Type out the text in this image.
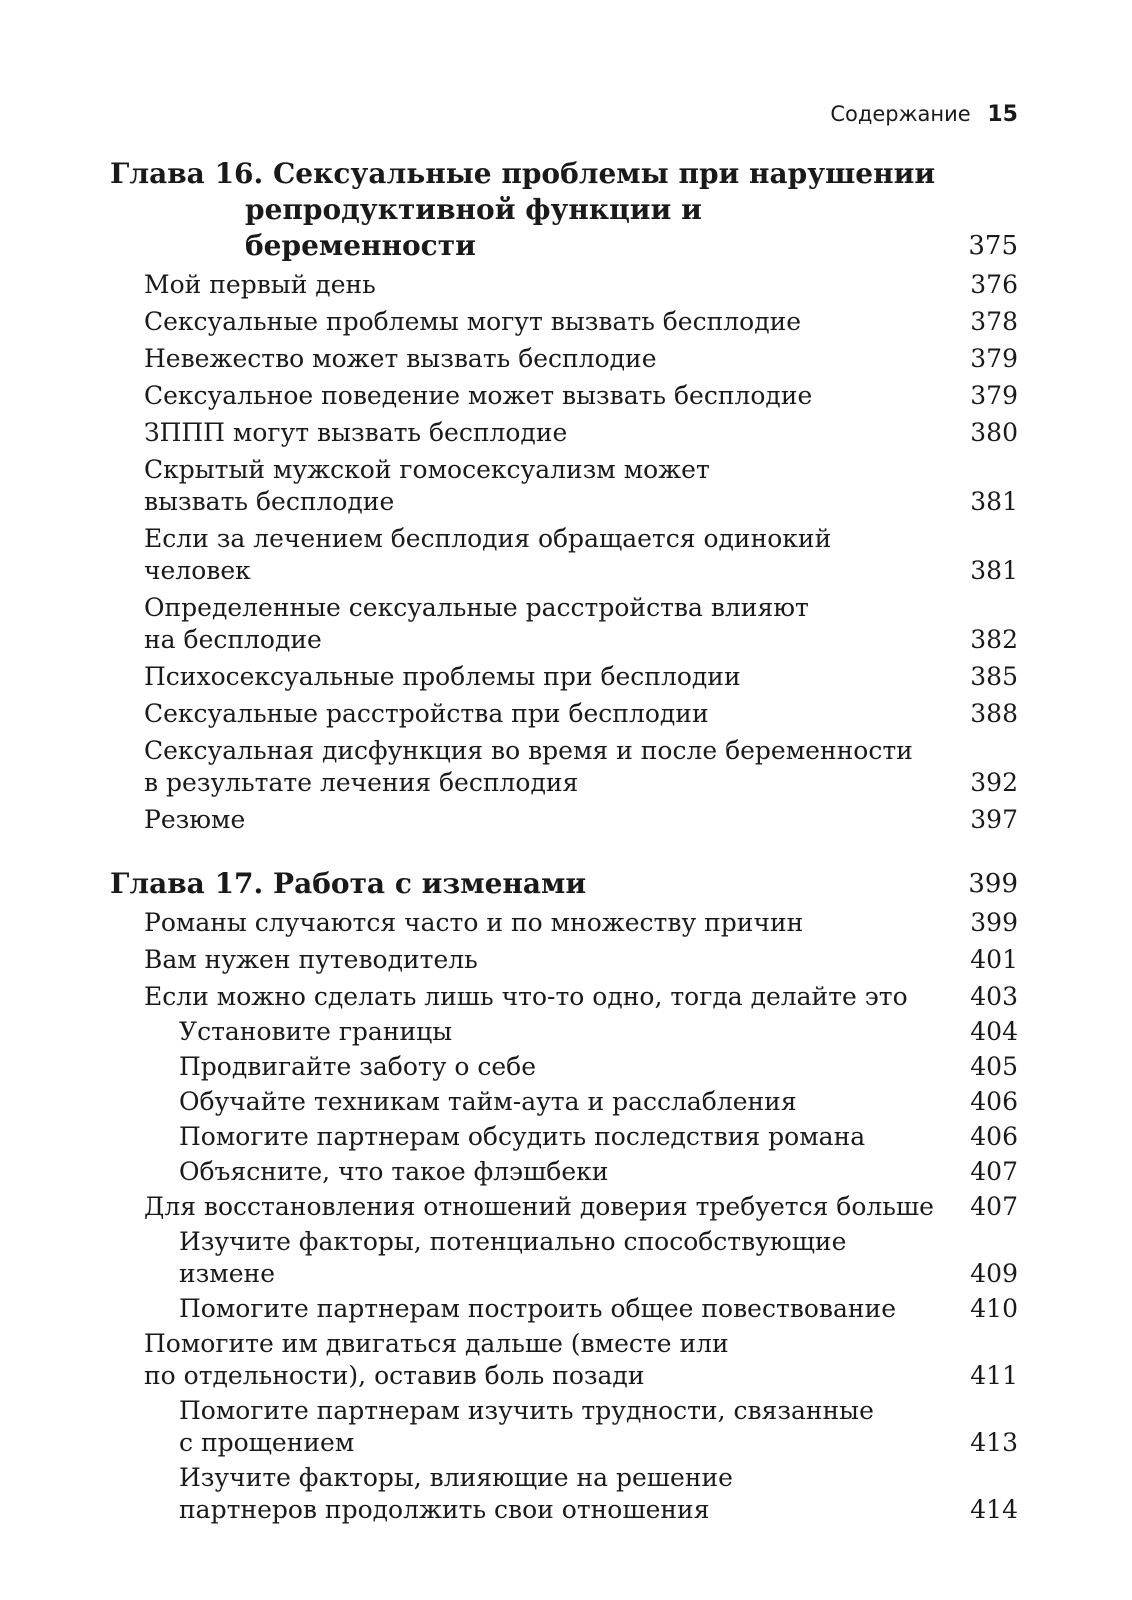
Содержание 15
Глава 16. Сексуальные проблемы при нарушении
репродуктивной функции и беременности	375
Мой первый день	376
Сексуальные проблемы могут вызвать бесплодие	378
Невежество может вызвать бесплодие	379
Сексуальное поведение может вызвать бесплодие	379
ЗППП могут вызвать бесплодие	380
Скрытый мужской гомосексуализм может
вызвать бесплодие	381
Если за лечением бесплодия обращается одинокий человек	381
Определенные сексуальные расстройства влияют
на бесплодие	382
Психосексуальные проблемы при бесплодии	385
Сексуальные расстройства при бесплодии	388
Сексуальная дисфункция во время и после беременности
в результате лечения бесплодия	392
Резюме	397
Глава 17. Работа с изменами	399
Романы случаются часто и по множеству причин	399
Вам нужен путеводитель	401
Если можно сделать лишь что-то одно, тогда делайте это	403
Установите границы	404
Продвигайте заботу о себе	405
Обучайте техникам тайм-аута и расслабления	406
Помогите партнерам обсудить последствия романа	406
Объясните, что такое флэшбеки	407
Для восстановления отношений доверия требуется больше 407
Изучите факторы, потенциально способствующие измене	409
Помогите партнерам построить общее повествование	410
Помогите им двигаться дальше (вместе или
по отдельности), оставив боль позади	411
Помогите партнерам изучить трудности, связанные
с прощением	413
Изучите факторы, влияющие на решение
партнеров продолжить свои отношения	414
